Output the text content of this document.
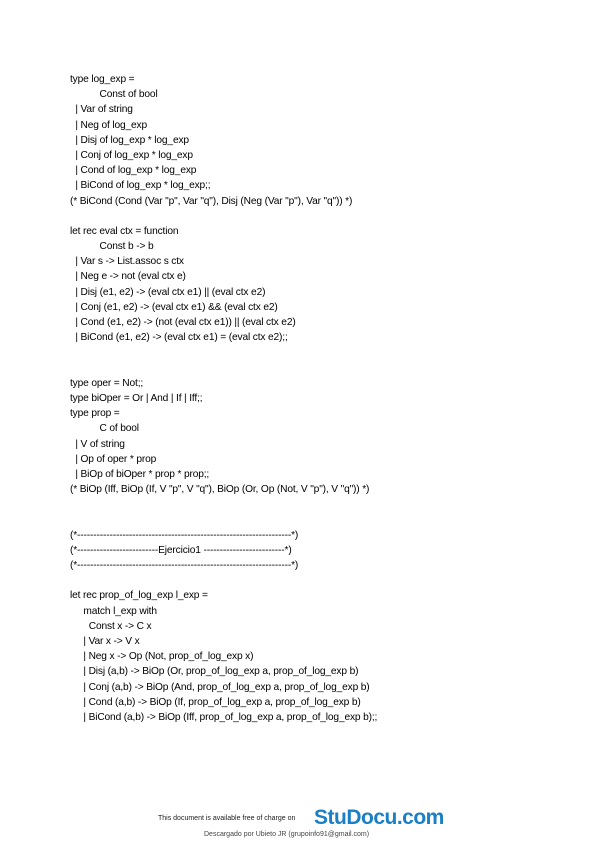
type log_exp =
Const of bool
| Var of string
| Neg of log_exp
| Disj of log_exp * log_exp
| Conj of log_exp * log_exp
| Cond of log_exp * log_exp
| BiCond of log_exp * log_exp;;
(* BiCond (Cond (Var "p", Var "q"), Disj (Neg (Var "p"), Var "q")) *)
let rec eval ctx = function
Const b -> b
| Var s -> List.assoc s ctx
| Neg e -> not (eval ctx e)
| Disj (e1, e2) -> (eval ctx e1) || (eval ctx e2)
| Conj (e1, e2) -> (eval ctx e1) && (eval ctx e2)
| Cond (e1, e2) -> (not (eval ctx e1)) || (eval ctx e2)
| BiCond (e1, e2) -> (eval ctx e1) = (eval ctx e2);;
type oper = Not;;
type biOper = Or | And | If | Iff;;
type prop =
C of bool
| V of string
| Op of oper * prop
| BiOp of biOper * prop * prop;;
(* BiOp (Iff, BiOp (If, V "p", V "q"), BiOp (Or, Op (Not, V "p"), V "q")) *)
(*------------------------------------------------------------------*)
(*-------------------------Ejercicio1 -------------------------*)
(*------------------------------------------------------------------*)
let rec prop_of_log_exp l_exp =
match l_exp with
Const x -> C x
| Var x -> V x
| Neg x -> Op (Not, prop_of_log_exp x)
| Disj (a,b) -> BiOp (Or, prop_of_log_exp a, prop_of_log_exp b)
| Conj (a,b) -> BiOp (And, prop_of_log_exp a, prop_of_log_exp b)
| Cond (a,b) -> BiOp (If, prop_of_log_exp a, prop_of_log_exp b)
| BiCond (a,b) -> BiOp (Iff, prop_of_log_exp a, prop_of_log_exp b);;
This document is available free of charge on StuDocu.com
Descargado por Ubieto JR (grupoinfo91@gmail.com)
